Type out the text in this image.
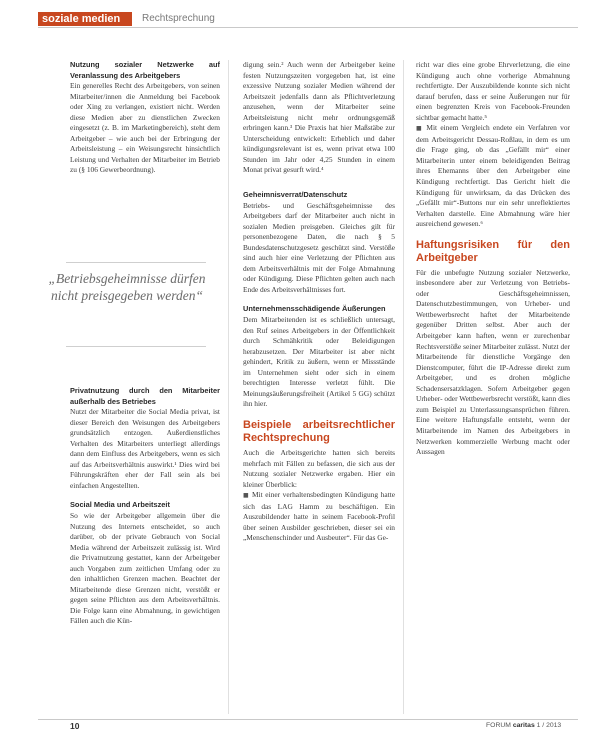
soziale medien	Rechtsprechung

Nutzung sozialer Netzwerke auf Veranlassung des Arbeitgebers

Ein generelles Recht des Arbeitgebers, von seinen Mitarbeiter/innen die Anmeldung bei Facebook oder Xing zu verlangen, existiert nicht. Werden diese Medien aber zu dienstlichen Zwecken eingesetzt (z. B. im Marketingbereich), steht dem Arbeitgeber – wie auch bei der Erbringung der Arbeitsleistung – ein Weisungsrecht hinsichtlich Leistung und Verhalten der Mitarbeiter im Betrieb zu (§ 106 Gewerbeordnung).

„Betriebsgeheimnisse dürfen nicht preisgegeben werden“

Privatnutzung durch den Mitarbeiter außerhalb des Betriebes

Nutzt der Mitarbeiter die Social Media privat, ist dieser Bereich den Weisungen des Arbeitgebers grundsätzlich entzogen. Außerdienstliches Verhalten des Mitarbeiters unterliegt allerdings dann dem Einfluss des Arbeitgebers, wenn es sich auf das Arbeitsverhältnis auswirkt.¹ Dies wird bei Führungskräften eher der Fall sein als bei einfachen Angestellten.

Social Media und Arbeitszeit

So wie der Arbeitgeber allgemein über die Nutzung des Internets entscheidet, so auch darüber, ob der private Gebrauch von Social Media während der Arbeitszeit zulässig ist. Wird die Privatnutzung gestattet, kann der Arbeitgeber auch Vorgaben zum zeitlichen Umfang oder zu den inhaltlichen Grenzen machen. Beachtet der Mitarbeitende diese Grenzen nicht, verstößt er gegen seine Pflichten aus dem Arbeitsverhältnis. Die Folge kann eine Abmahnung, in gewichtigen Fällen auch die Kün-

digung sein.² Auch wenn der Arbeitgeber keine festen Nutzungszeiten vorgegeben hat, ist eine exzessive Nutzung sozialer Medien während der Arbeitszeit jedenfalls dann als Pflichtverletzung anzusehen, wenn der Mitarbeiter seine Arbeitsleistung nicht mehr ordnungsgemäß erbringen kann.³ Die Praxis hat hier Maßstäbe zur Unterscheidung entwickelt: Erheblich und daher kündigungsrelevant ist es, wenn privat etwa 100 Stunden im Jahr oder 4,25 Stunden in einem Monat privat gesurft wird.⁴

Geheimnisverrat/Datenschutz

Betriebs- und Geschäftsgeheimnisse des Arbeitgebers darf der Mitarbeiter auch nicht in sozialen Medien preisgeben. Gleiches gilt für personenbezogene Daten, die nach § 5 Bundesdatenschutzgesetz geschützt sind. Verstöße sind auch hier eine Verletzung der Pflichten aus dem Arbeitsverhältnis mit der Folge Abmahnung oder Kündigung. Diese Pflichten gelten auch nach Ende des Arbeitsverhältnisses fort.

Unternehmensschädigende Äußerungen

Dem Mitarbeitenden ist es schließlich untersagt, den Ruf seines Arbeitgebers in der Öffentlichkeit durch Schmähkritik oder Beleidigungen herabzusetzen. Der Mitarbeiter ist aber nicht gehindert, Kritik zu äußern, wenn er Missstände im Unternehmen sieht oder sich in einem berechtigten Interesse verletzt fühlt. Die Meinungsäußerungsfreiheit (Artikel 5 GG) schützt ihn hier.

Beispiele arbeitsrechtlicher Rechtsprechung

Auch die Arbeitsgerichte hatten sich bereits mehrfach mit Fällen zu befassen, die sich aus der Nutzung sozialer Netzwerke ergaben. Hier ein kleiner Überblick:

■ Mit einer verhaltensbedingten Kündigung hatte sich das LAG Hamm zu beschäftigen. Ein Auszubildender hatte in seinem Facebook-Profil über seinen Ausbilder geschrieben, dieser sei ein „Menschenschinder und Ausbeuter“. Für das Ge-

richt war dies eine grobe Ehrverletzung, die eine Kündigung auch ohne vorherige Abmahnung rechtfertigte. Der Auszubildende konnte sich nicht darauf berufen, dass er seine Äußerungen nur für einen begrenzten Kreis von Facebook-Freunden sichtbar gemacht hatte.⁵

■ Mit einem Vergleich endete ein Verfahren vor dem Arbeitsgericht Dessau-Roßlau, in dem es um die Frage ging, ob das „Gefällt mir“ einer Mitarbeiterin unter einem beleidigenden Beitrag ihres Ehemanns über den Arbeitgeber eine Kündigung rechtfertigt. Das Gericht hielt die Kündigung für unwirksam, da das Drücken des „Gefällt mir“-Buttons nur ein sehr unreflektiertes Verhalten darstelle. Eine Abmahnung wäre hier ausreichend gewesen.⁶

Haftungsrisiken für den Arbeitgeber

Für die unbefugte Nutzung sozialer Netzwerke, insbesondere aber zur Verletzung von Betriebs- oder Geschäftsgeheimnissen, Datenschutzbestimmungen, von Urheber- und Wettbewerbsrecht haftet der Mitarbeitende gegenüber Dritten selbst. Aber auch der Arbeitgeber kann haften, wenn er zurechenbar Rechtsverstöße seiner Mitarbeiter zulässt. Nutzt der Mitarbeitende für dienstliche Vorgänge den Dienstcomputer, führt die IP-Adresse direkt zum Arbeitgeber, und es drohen mögliche Schadensersatzklagen. Sofern Arbeitgeber gegen Urheber- oder Wettbewerbsrecht verstößt, kann dies zum Beispiel zu Unterlassungsansprüchen führen. Eine weitere Haftungsfalle entsteht, wenn der Mitarbeitende im Namen des Arbeitgebers in Netzwerken kommerzielle Werbung macht oder Aussagen

10	FORUM caritas 1 / 2013
